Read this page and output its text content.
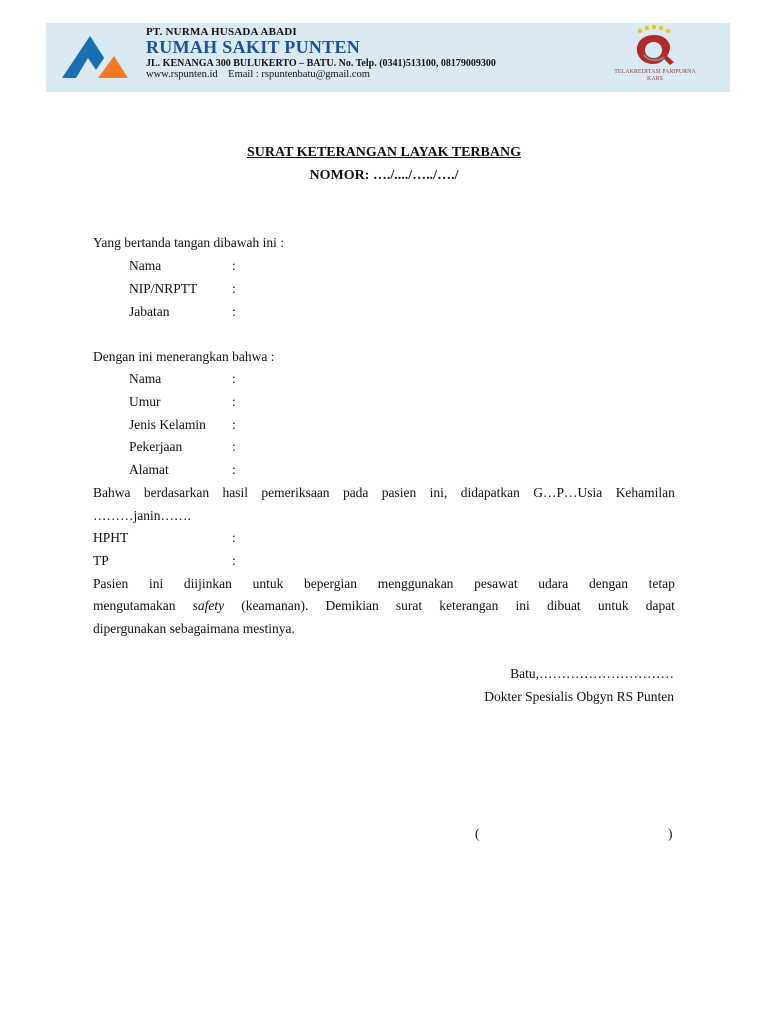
PT. NURMA HUSADA ABADI
RUMAH SAKIT PUNTEN
JL. KENANGA 300 BULUKERTO – BATU. No. Telp. (0341)513100, 08179009300
www.rspunten.id Email : rspuntenbatu@gmail.com	TELAKREDITASI PARIPURNA
KARS
SURAT KETERANGAN LAYAK TERBANG
NOMOR: …./..../…../…./
Yang bertanda tangan dibawah ini :
Nama	:
NIP/NRPTT	:
Jabatan	:
Dengan ini menerangkan bahwa :
Nama	:
Umur	:
Jenis Kelamin :
Pekerjaan	:
Alamat	:
Bahwa berdasarkan hasil pemeriksaan pada pasien ini, didapatkan G…P…Usia Kehamilan
………janin…….
HPHT	:
TP	:
Pasien ini diijinkan untuk bepergian menggunakan pesawat udara dengan tetap
mengutamakan safety (keamanan). Demikian surat keterangan ini dibuat untuk dapat
dipergunakan sebagaimana mestinya.
Batu,…………………………
Dokter Spesialis Obgyn RS Punten
(	)
